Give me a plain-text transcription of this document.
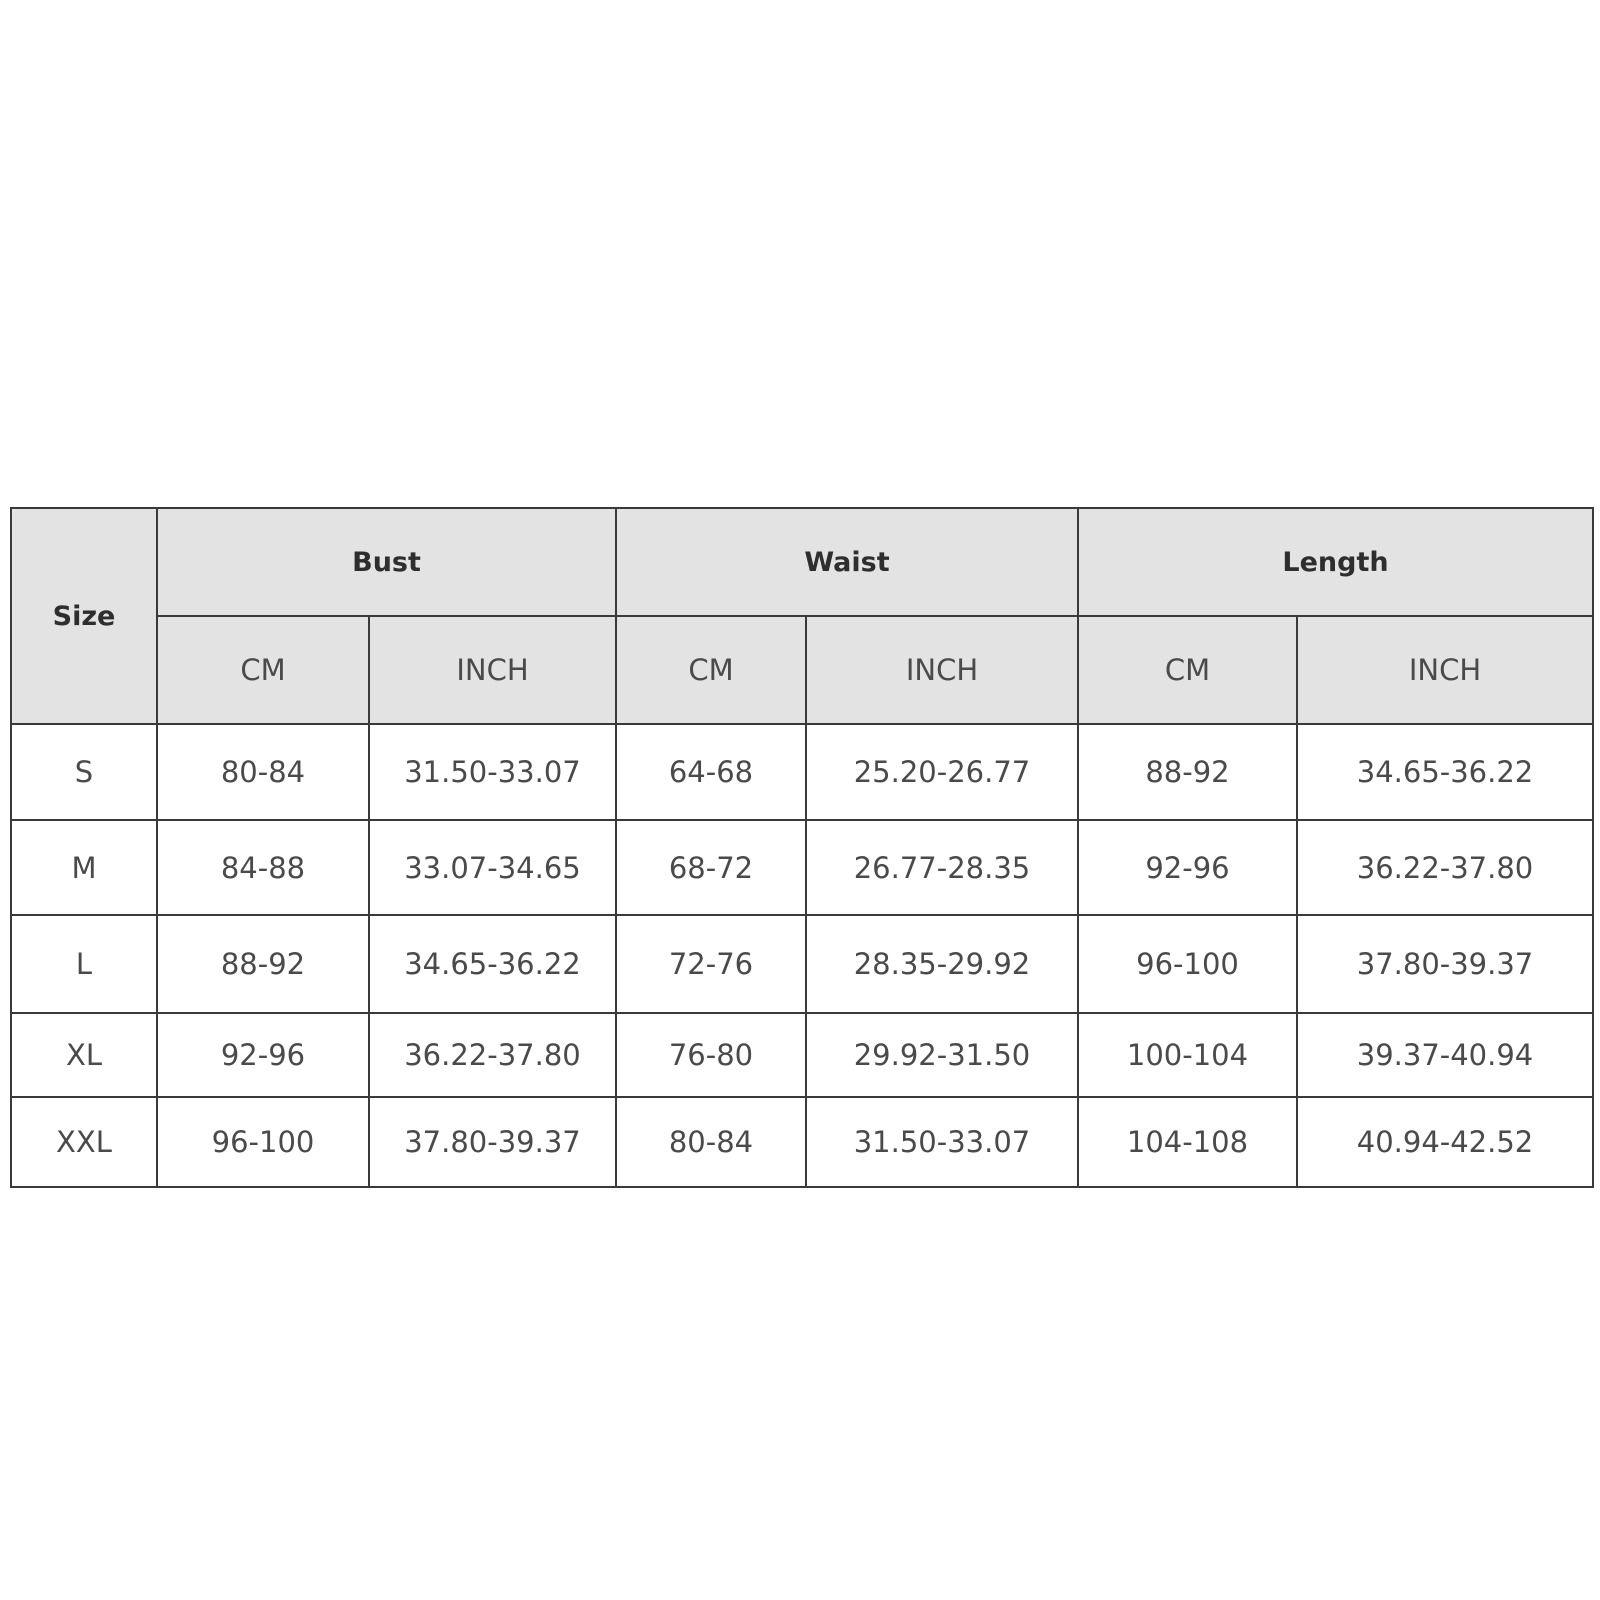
Size	Bust		Waist		Length	
	CM	INCH	CM	INCH	CM	INCH
S	80-84	31.50-33.07	64-68	25.20-26.77	88-92	34.65-36.22
M	84-88	33.07-34.65	68-72	26.77-28.35	92-96	36.22-37.80
L	88-92	34.65-36.22	72-76	28.35-29.92	96-100	37.80-39.37
XL	92-96	36.22-37.80	76-80	29.92-31.50	100-104	39.37-40.94
XXL	96-100	37.80-39.37	80-84	31.50-33.07	104-108	40.94-42.52
